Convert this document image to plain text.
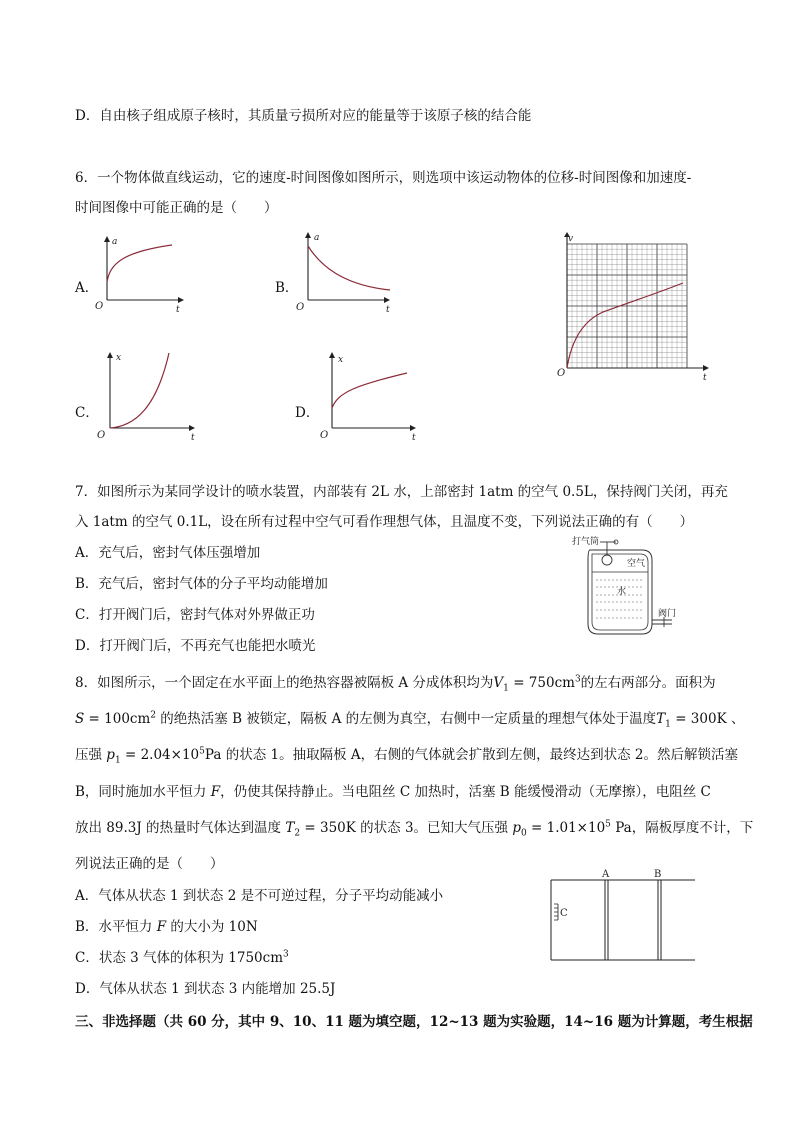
D．自由核子组成原子核时，其质量亏损所对应的能量等于该原子核的结合能
6．一个物体做直线运动，它的速度-时间图像如图所示，则选项中该运动物体的位移-时间图像和加速度-
时间图像中可能正确的是（　　）
A．	B．
C．	D．
a
O	t
a
O	t
x
O	t
x
O	t
v
O	t
7．如图所示为某同学设计的喷水装置，内部装有 2L 水，上部密封 1atm 的空气 0.5L，保持阀门关闭，再充
入 1atm 的空气 0.1L，设在所有过程中空气可看作理想气体，且温度不变，下列说法正确的有（　　）
A．充气后，密封气体压强增加
B．充气后，密封气体的分子平均动能增加
C．打开阀门后，密封气体对外界做正功
D．打开阀门后，不再充气也能把水喷光
打气筒
空气
水
阀门
8．如图所示，一个固定在水平面上的绝热容器被隔板 A 分成体积均为$V_1 = 750cm^3$的左右两部分。面积为
$S = 100cm^2$ 的绝热活塞 B 被锁定，隔板 A 的左侧为真空，右侧中一定质量的理想气体处于温度$T_1 = 300K$ 、
压强 $p_1 = 2.04\times 10^5Pa$ 的状态 1。抽取隔板 A，右侧的气体就会扩散到左侧，最终达到状态 2。然后解锁活塞
B，同时施加水平恒力 F，仍使其保持静止。当电阻丝 C 加热时，活塞 B 能缓慢滑动（无摩擦），电阻丝 C
放出 89.3J 的热量时气体达到温度 $T_2 = 350K$ 的状态 3。已知大气压强 $p_0 = 1.01\times 10^5$ Pa，隔板厚度不计，下
列说法正确的是（　　）
A．气体从状态 1 到状态 2 是不可逆过程，分子平均动能减小
B．水平恒力 F 的大小为 10N
C．状态 3 气体的体积为 $1750cm^3$
D．气体从状态 1 到状态 3 内能增加 25.5J
A	B
C
三、非选择题（共 60 分，其中 9、10、11 题为填空题，12~13 题为实验题，14~16 题为计算题，考生根据
